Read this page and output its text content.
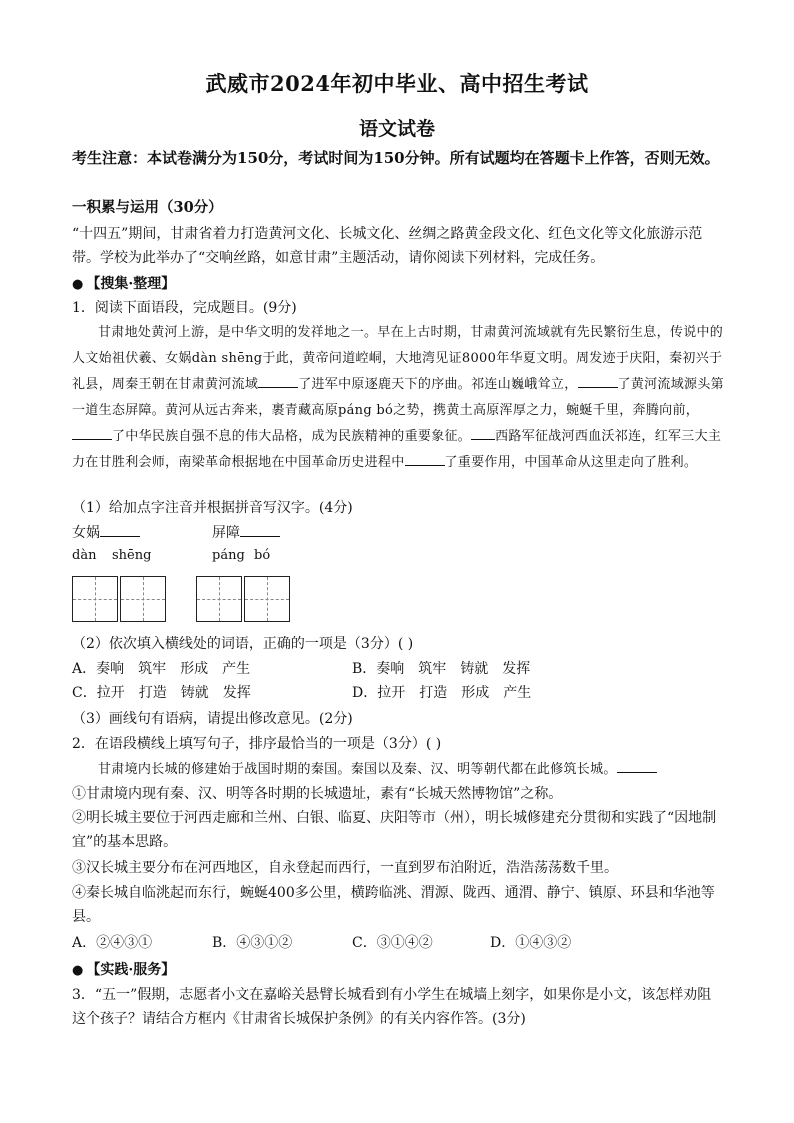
武威市2024年初中毕业、高中招生考试
语文试卷
考生注意：本试卷满分为150分，考试时间为150分钟。所有试题均在答题卡上作答，否则无效。
一积累与运用（30分）
“十四五”期间，甘肃省着力打造黄河文化、长城文化、丝绸之路黄金段文化、红色文化等文化旅游示范带。学校为此举办了“交响丝路，如意甘肃”主题活动，请你阅读下列材料，完成任务。
● 【搜集·整理】
1．阅读下面语段，完成题目。(9分)
甘肃地处黄河上游，是中华文明的发祥地之一。早在上古时期，甘肃黄河流域就有先民繁衍生息，传说中的人文始祖伏羲、女娲dàn shēng于此，黄帝问道崆峒，大地湾见证8000年华夏文明。周发迹于庆阳，秦初兴于礼县，周秦王朝在甘肃黄河流域	了进军中原逐鹿天下的序曲。祁连山巍峨耸立，	了黄河流域源头第一道生态屏障。黄河从远古奔来，裹青藏高原páng bó之势，携黄土高原浑厚之力，蜿蜒千里，奔腾向前，了中华民族自强不息的伟大品格，成为民族精神的重要象征。 西路军征战河西血沃祁连，红军三大主力在甘胜利会师，南梁革命根据地在中国革命历史进程中	了重要作用，中国革命从这里走向了胜利。
（1）给加点字注音并根据拼音写汉字。(4分)
女娲	屏障
dàn shēng	páng bó
（2）依次填入横线处的词语，正确的一项是（3分）( )
A．奏响　筑牢　形成　产生	B．奏响　筑牢　铸就　发挥
C．拉开　打造　铸就　发挥	D．拉开　打造　形成　产生
（3）画线句有语病，请提出修改意见。(2分)
2．在语段横线上填写句子，排序最恰当的一项是（3分）( )
甘肃境内长城的修建始于战国时期的秦国。秦国以及秦、汉、明等朝代都在此修筑长城。
①甘肃境内现有秦、汉、明等各时期的长城遗址，素有“长城天然博物馆”之称。
②明长城主要位于河西走廊和兰州、白银、临夏、庆阳等市（州），明长城修建充分贯彻和实践了“因地制宜”的基本思路。
③汉长城主要分布在河西地区，自永登起而西行，一直到罗布泊附近，浩浩荡荡数千里。
④秦长城自临洮起而东行，蜿蜒400多公里，横跨临洮、渭源、陇西、通渭、静宁、镇原、环县和华池等县。
A．②④③①	B．④③①②	C．③①④②	D．①④③②
● 【实践·服务】
3．“五一”假期，志愿者小文在嘉峪关悬臂长城看到有小学生在城墙上刻字，如果你是小文，该怎样劝阻这个孩子？请结合方框内《甘肃省长城保护条例》的有关内容作答。(3分)
